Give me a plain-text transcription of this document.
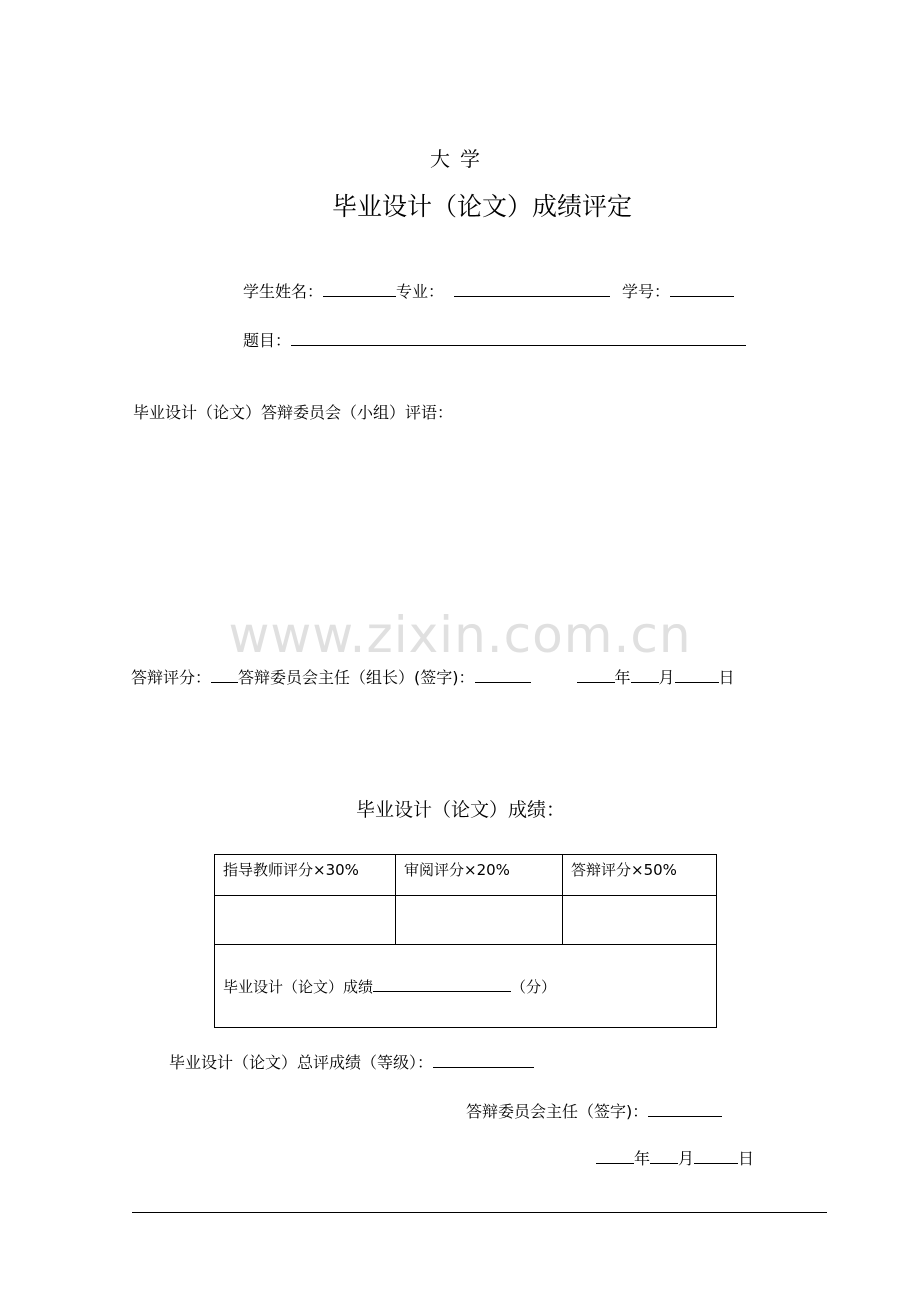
大学
毕业设计（论文）成绩评定
学生姓名：	专业：	学号：
题目：
毕业设计（论文）答辩委员会（小组）评语：
www.zixin.com.cn
答辩评分： 答辩委员会主任（组长）(签字)：	年 月	日
毕业设计（论文）成绩：
指导教师评分×30%	审阅评分×20%	答辩评分×50%

毕业设计（论文）成绩 （分）		
毕业设计（论文）总评成绩（等级）：
答辩委员会主任（签字)：
年 月	日
